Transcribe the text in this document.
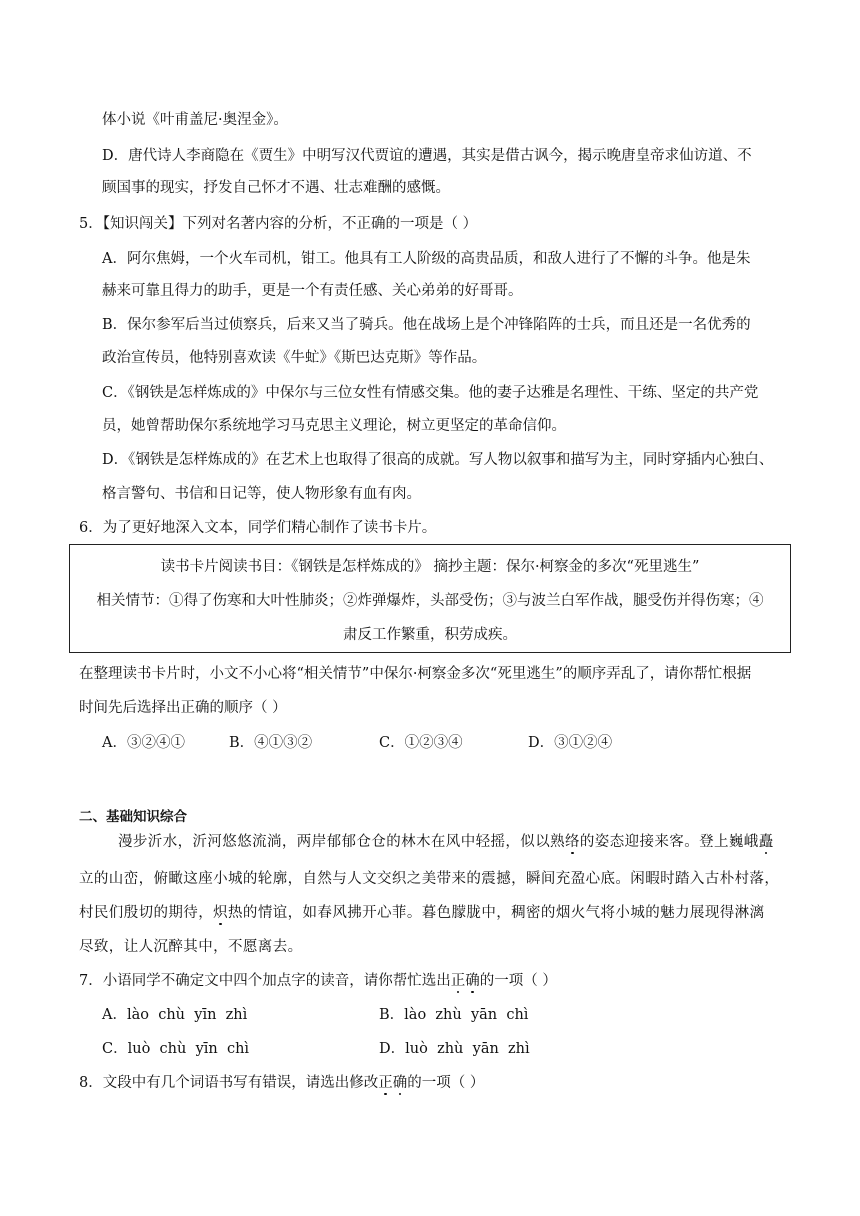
体小说《叶甫盖尼·奥涅金》。
D．唐代诗人李商隐在《贾生》中明写汉代贾谊的遭遇，其实是借古讽今，揭示晚唐皇帝求仙访道、不
顾国事的现实，抒发自己怀才不遇、壮志难酬的感慨。
5．【知识闯关】下列对名著内容的分析，不正确的一项是（ ）
A．阿尔焦姆，一个火车司机，钳工。他具有工人阶级的高贵品质，和敌人进行了不懈的斗争。他是朱
赫来可靠且得力的助手，更是一个有责任感、关心弟弟的好哥哥。
B．保尔参军后当过侦察兵，后来又当了骑兵。他在战场上是个冲锋陷阵的士兵，而且还是一名优秀的
政治宣传员，他特别喜欢读《牛虻》《斯巴达克斯》等作品。
C．《钢铁是怎样炼成的》中保尔与三位女性有情感交集。他的妻子达雅是名理性、干练、坚定的共产党
员，她曾帮助保尔系统地学习马克思主义理论，树立更坚定的革命信仰。
D．《钢铁是怎样炼成的》在艺术上也取得了很高的成就。写人物以叙事和描写为主，同时穿插内心独白、
格言警句、书信和日记等，使人物形象有血有肉。
6．为了更好地深入文本，同学们精心制作了读书卡片。
读书卡片阅读书目：《钢铁是怎样炼成的》 摘抄主题：保尔·柯察金的多次“死里逃生”
相关情节：①得了伤寒和大叶性肺炎；②炸弹爆炸，头部受伤；③与波兰白军作战，腿受伤并得伤寒；④
肃反工作繁重，积劳成疾。
在整理读书卡片时，小文不小心将“相关情节”中保尔·柯察金多次“死里逃生”的顺序弄乱了，请你帮忙根据
时间先后选择出正确的顺序（ ）
A．③②④①	B．④①③②	C．①②③④	D．③①②④
二、基础知识综合
漫步沂水，沂河悠悠流淌，两岸郁郁仓仓的林木在风中轻摇，似以熟络的姿态迎接来客。登上巍峨矗
立的山峦，俯瞰这座小城的轮廓，自然与人文交织之美带来的震撼，瞬间充盈心底。闲暇时踏入古朴村落，
村民们殷切的期待，炽热的情谊，如春风拂开心菲。暮色朦胧中，稠密的烟火气将小城的魅力展现得淋漓
尽致，让人沉醉其中，不愿离去。
7．小语同学不确定文中四个加点字的读音，请你帮忙选出正确的一项（ ）
A．lào chù yīn zhì	B．lào zhù yān chì
C．luò chù yīn chì	D．luò zhù yān zhì
8．文段中有几个词语书写有错误，请选出修改正确的一项（ ）
